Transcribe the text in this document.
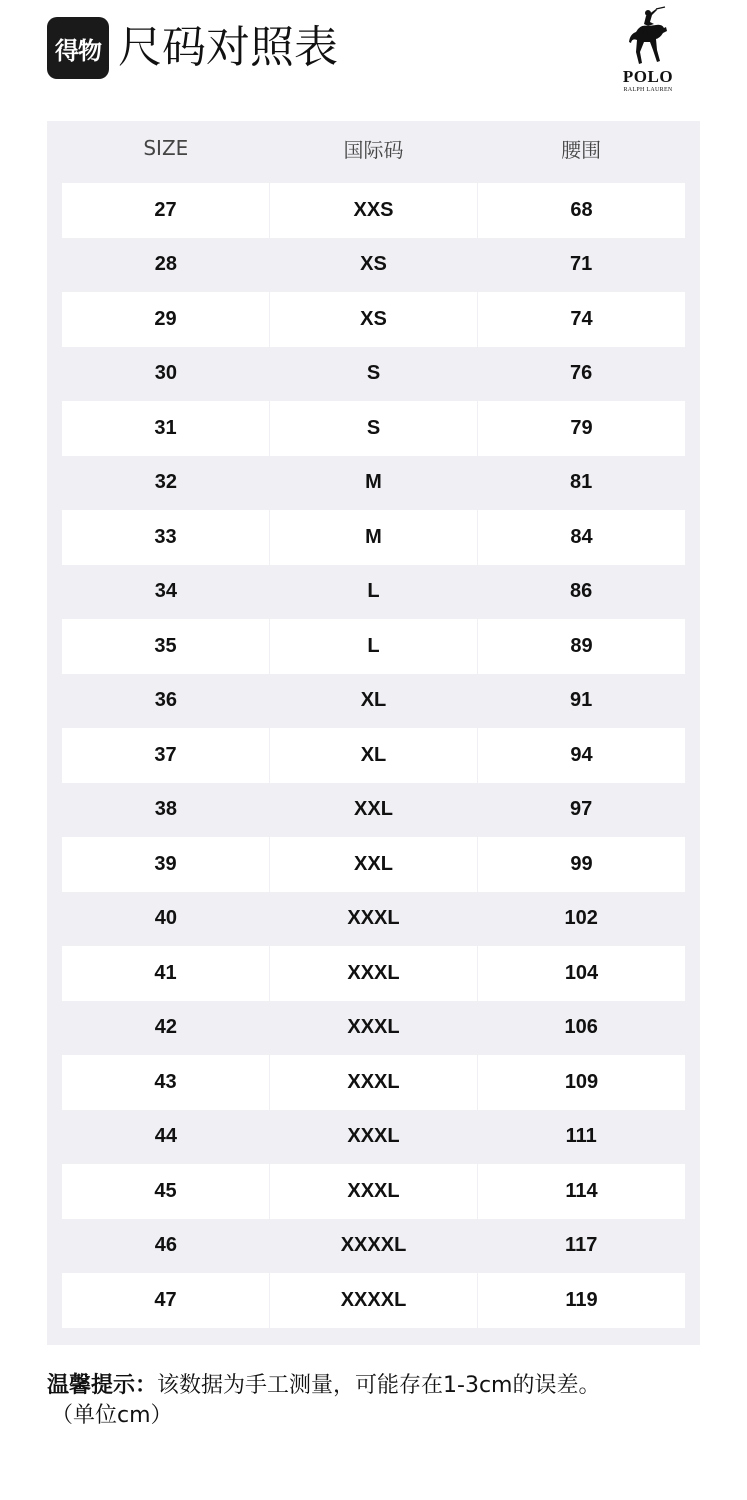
得物 尺码对照表
POLO
RALPH LAUREN
SIZE	国际码	腰围
27	XXS	68
28	XS	71
29	XS	74
30	S	76
31	S	79
32	M	81
33	M	84
34	L	86
35	L	89
36	XL	91
37	XL	94
38	XXL	97
39	XXL	99
40	XXXL	102
41	XXXL	104
42	XXXL	106
43	XXXL	109
44	XXXL	111
45	XXXL	114
46	XXXXL	117
47	XXXXL	119
温馨提示：该数据为手工测量，可能存在1-3cm的误差。
（单位cm）
